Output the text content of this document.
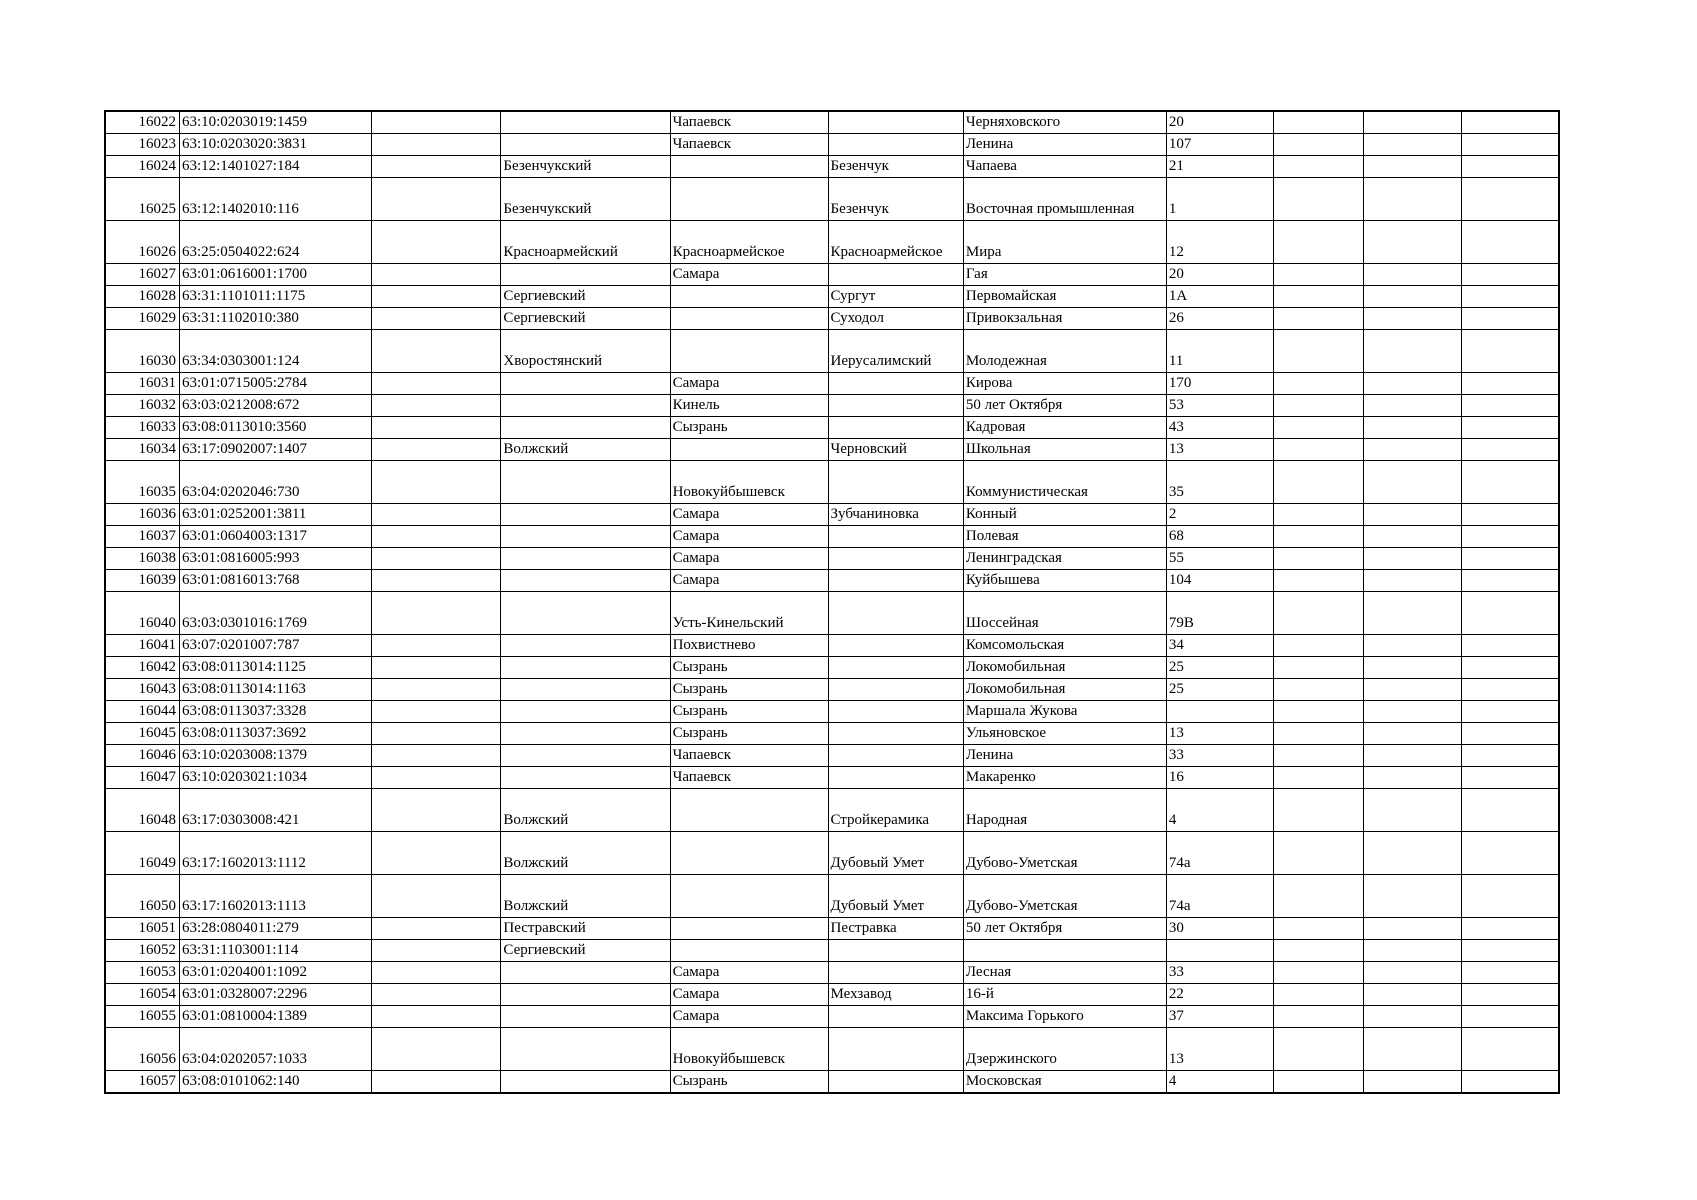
16022	63:10:0203019:1459			Чапаевск		Черняховского	20			
16023	63:10:0203020:3831			Чапаевск		Ленина	107			
16024	63:12:1401027:184		Безенчукский		Безенчук	Чапаева	21			
16025	63:12:1402010:116		Безенчукский		Безенчук	Восточная промышленная	1			
16026	63:25:0504022:624		Красноармейский	Красноармейское	Красноармейское	Мира	12			
16027	63:01:0616001:1700			Самара		Гая	20			
16028	63:31:1101011:1175		Сергиевский		Сургут	Первомайская	1А			
16029	63:31:1102010:380		Сергиевский		Суходол	Привокзальная	26			
16030	63:34:0303001:124		Хворостянский		Иерусалимский	Молодежная	11			
16031	63:01:0715005:2784			Самара		Кирова	170			
16032	63:03:0212008:672			Кинель		50 лет Октября	53			
16033	63:08:0113010:3560			Сызрань		Кадровая	43			
16034	63:17:0902007:1407		Волжский		Черновский	Школьная	13			
16035	63:04:0202046:730			Новокуйбышевск		Коммунистическая	35			
16036	63:01:0252001:3811			Самара	Зубчаниновка	Конный	2			
16037	63:01:0604003:1317			Самара		Полевая	68			
16038	63:01:0816005:993			Самара		Ленинградская	55			
16039	63:01:0816013:768			Самара		Куйбышева	104			
16040	63:03:0301016:1769			Усть-Кинельский		Шоссейная	79В			
16041	63:07:0201007:787			Похвистнево		Комсомольская	34			
16042	63:08:0113014:1125			Сызрань		Локомобильная	25			
16043	63:08:0113014:1163			Сызрань		Локомобильная	25			
16044	63:08:0113037:3328			Сызрань		Маршала Жукова				
16045	63:08:0113037:3692			Сызрань		Ульяновское	13			
16046	63:10:0203008:1379			Чапаевск		Ленина	33			
16047	63:10:0203021:1034			Чапаевск		Макаренко	16			
16048	63:17:0303008:421		Волжский		Стройкерамика	Народная	4			
16049	63:17:1602013:1112		Волжский		Дубовый Умет	Дубово-Уметская	74а			
16050	63:17:1602013:1113		Волжский		Дубовый Умет	Дубово-Уметская	74а			
16051	63:28:0804011:279		Пестравский		Пестравка	50 лет Октября	30			
16052	63:31:1103001:114		Сергиевский							
16053	63:01:0204001:1092			Самара		Лесная	33			
16054	63:01:0328007:2296			Самара	Мехзавод	16-й	22			
16055	63:01:0810004:1389			Самара		Максима Горького	37			
16056	63:04:0202057:1033			Новокуйбышевск		Дзержинского	13			
16057	63:08:0101062:140			Сызрань		Московская	4			
